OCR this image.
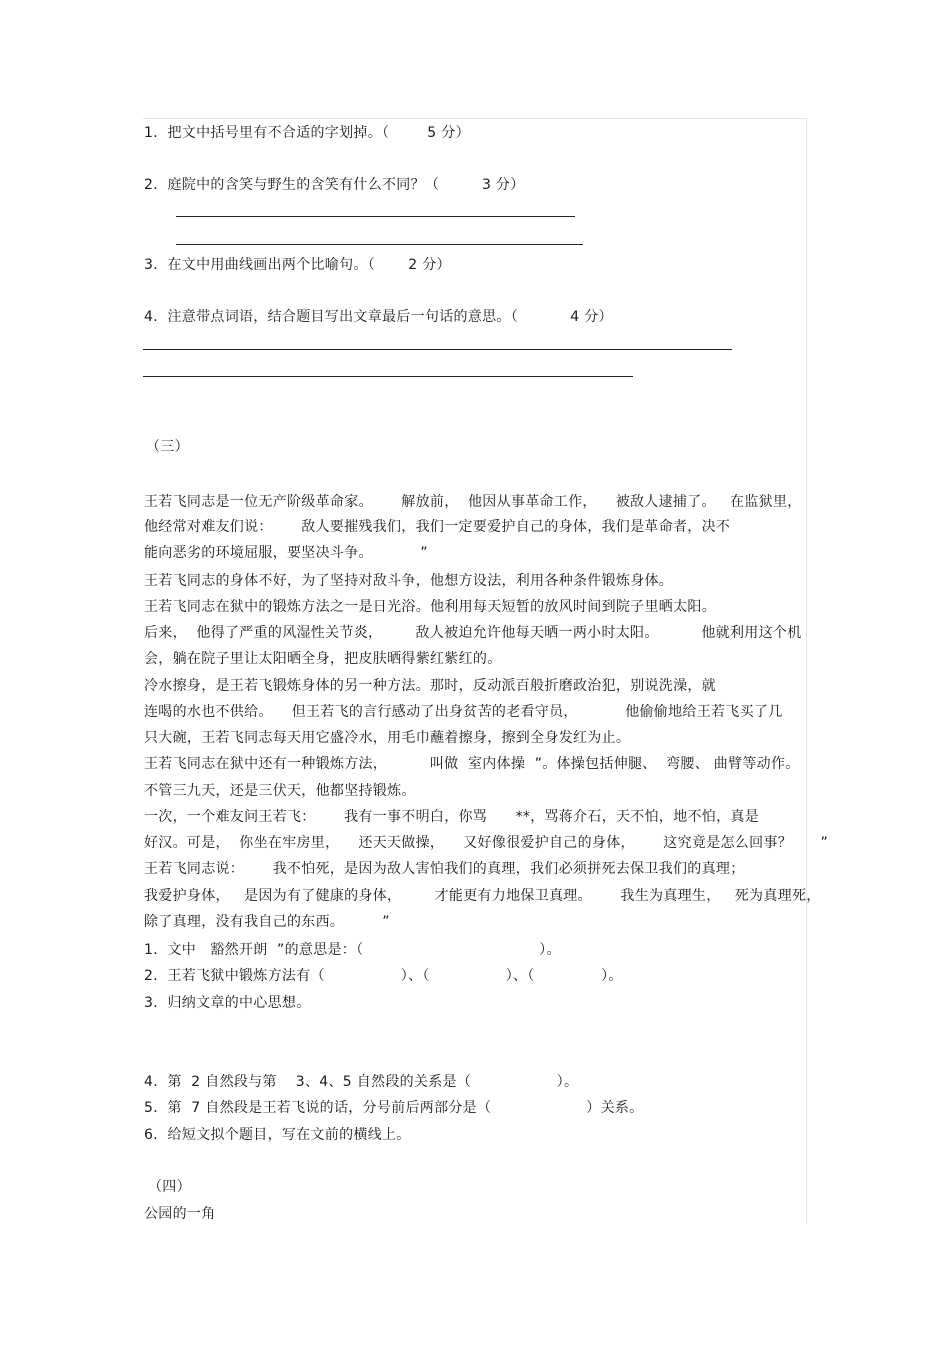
1．把文中括号里有不合适的字划掉。（        5 分）
2．庭院中的含笑与野生的含笑有什么不同？（         3 分）
3．在文中用曲线画出两个比喻句。（       2 分）
4．注意带点词语，结合题目写出文章最后一句话的意思。（           4 分）
（三）
王若飞同志是一位无产阶级革命家。      解放前，  他因从事革命工作，    被敌人逮捕了。   在监狱里，
他经常对难友们说：      敌人要摧残我们，我们一定要爱护自己的身体，我们是革命者，决不
能向恶劣的环境屈服，要坚决斗争。          ”
王若飞同志的身体不好，为了坚持对敌斗争，他想方设法，利用各种条件锻炼身体。
王若飞同志在狱中的锻炼方法之一是日光浴。他利用每天短暂的放风时间到院子里晒太阳。
后来，  他得了严重的风湿性关节炎，       敌人被迫允许他每天晒一两小时太阳。         他就利用这个机
会，躺在院子里让太阳晒全身，把皮肤晒得紫红紫红的。
冷水擦身，是王若飞锻炼身体的另一种方法。那时，反动派百般折磨政治犯，别说洗澡，就
连喝的水也不供给。    但王若飞的言行感动了出身贫苦的老看守员，          他偷偷地给王若飞买了几
只大碗，王若飞同志每天用它盛冷水，用毛巾蘸着擦身，擦到全身发红为止。
王若飞同志在狱中还有一种锻炼方法，         叫做  室内体操  ”。体操包括伸腿、  弯腰、 曲臂等动作。
不管三九天，还是三伏天，他都坚持锻炼。
一次，一个难友问王若飞：      我有一事不明白，你骂      **，骂蒋介石，天不怕，地不怕，真是
好汉。可是，  你坐在牢房里，    还天天做操，    又好像很爱护自己的身体，      这究竟是怎么回事？      ”
王若飞同志说：      我不怕死，是因为敌人害怕我们的真理，我们必须拼死去保卫我们的真理；
我爱护身体，   是因为有了健康的身体，       才能更有力地保卫真理。      我生为真理生，   死为真理死，
除了真理，没有我自己的东西。        ”
1．文中   豁然开朗  ”的意思是：（                                     ）。
2．王若飞狱中锻炼方法有（                ）、（                ）、（              ）。
3．归纳文章的中心思想。
4．第  2 自然段与第    3、4、5 自然段的关系是（                  ）。
5．第  7 自然段是王若飞说的话，分号前后两部分是（                    ）关系。
6．给短文拟个题目，写在文前的横线上。
（四）
公园的一角
